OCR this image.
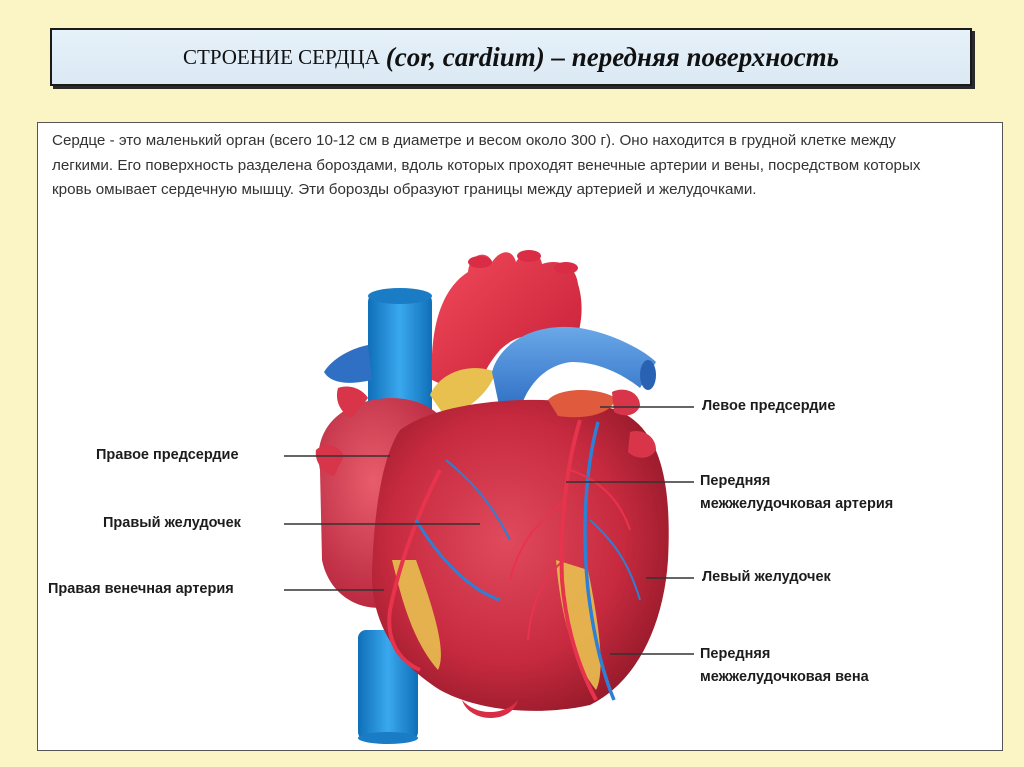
СТРОЕНИЕ СЕРДЦА (cor, cardium) – передняя поверхность

Сердце - это маленький орган (всего 10-12 см в диаметре и весом около 300 г). Оно находится в грудной клетке между легкими. Его поверхность разделена бороздами, вдоль которых проходят венечные артерии и вены, посредством которых кровь омывает сердечную мышцу. Эти борозды образуют границы между артерией и желудочками.

Левое предсердие
Правое предсердие
Правый желудочек
Правая венечная артерия
Передняя
межжелудочковая артерия
Левый желудочек
Передняя
межжелудочковая вена
